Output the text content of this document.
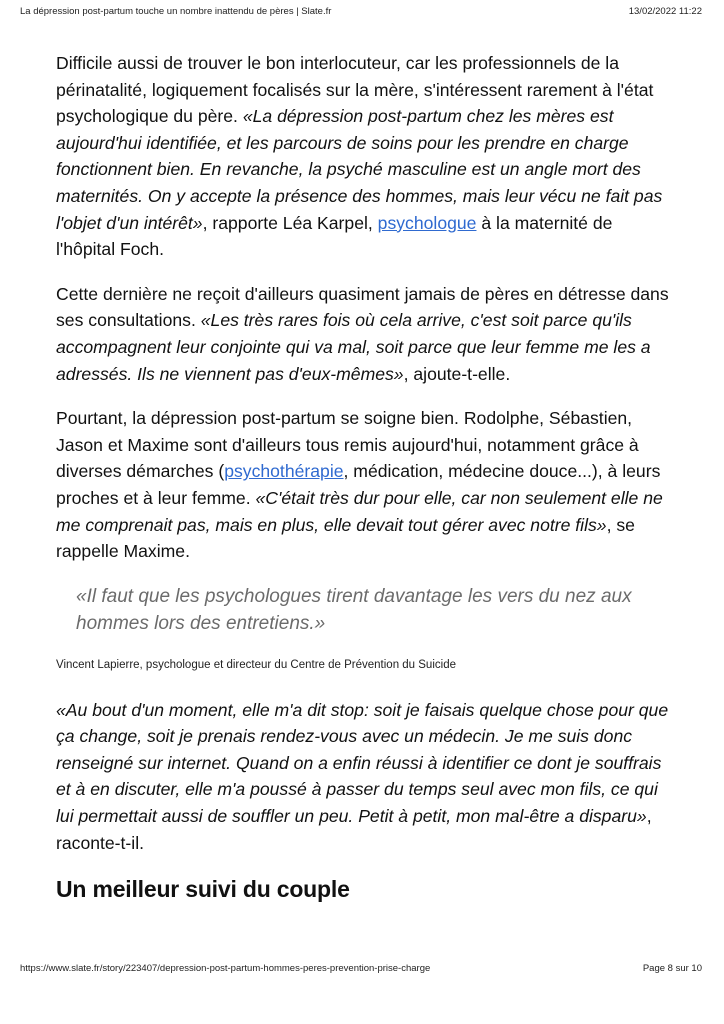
La dépression post-partum touche un nombre inattendu de pères | Slate.fr	13/02/2022 11:22

Difficile aussi de trouver le bon interlocuteur, car les professionnels de la périnatalité, logiquement focalisés sur la mère, s'intéressent rarement à l'état psychologique du père. «La dépression post-partum chez les mères est aujourd'hui identifiée, et les parcours de soins pour les prendre en charge fonctionnent bien. En revanche, la psyché masculine est un angle mort des maternités. On y accepte la présence des hommes, mais leur vécu ne fait pas l'objet d'un intérêt», rapporte Léa Karpel, psychologue à la maternité de l'hôpital Foch.

Cette dernière ne reçoit d'ailleurs quasiment jamais de pères en détresse dans ses consultations. «Les très rares fois où cela arrive, c'est soit parce qu'ils accompagnent leur conjointe qui va mal, soit parce que leur femme me les a adressés. Ils ne viennent pas d'eux-mêmes», ajoute-t-elle.

Pourtant, la dépression post-partum se soigne bien. Rodolphe, Sébastien, Jason et Maxime sont d'ailleurs tous remis aujourd'hui, notamment grâce à diverses démarches (psychothérapie, médication, médecine douce...), à leurs proches et à leur femme. «C'était très dur pour elle, car non seulement elle ne me comprenait pas, mais en plus, elle devait tout gérer avec notre fils», se rappelle Maxime.

«Il faut que les psychologues tirent davantage les vers du nez aux hommes lors des entretiens.»
Vincent Lapierre, psychologue et directeur du Centre de Prévention du Suicide

«Au bout d'un moment, elle m'a dit stop: soit je faisais quelque chose pour que ça change, soit je prenais rendez-vous avec un médecin. Je me suis donc renseigné sur internet. Quand on a enfin réussi à identifier ce dont je souffrais et à en discuter, elle m'a poussé à passer du temps seul avec mon fils, ce qui lui permettait aussi de souffler un peu. Petit à petit, mon mal-être a disparu», raconte-t-il.

Un meilleur suivi du couple
https://www.slate.fr/story/223407/depression-post-partum-hommes-peres-prevention-prise-charge	Page 8 sur 10
